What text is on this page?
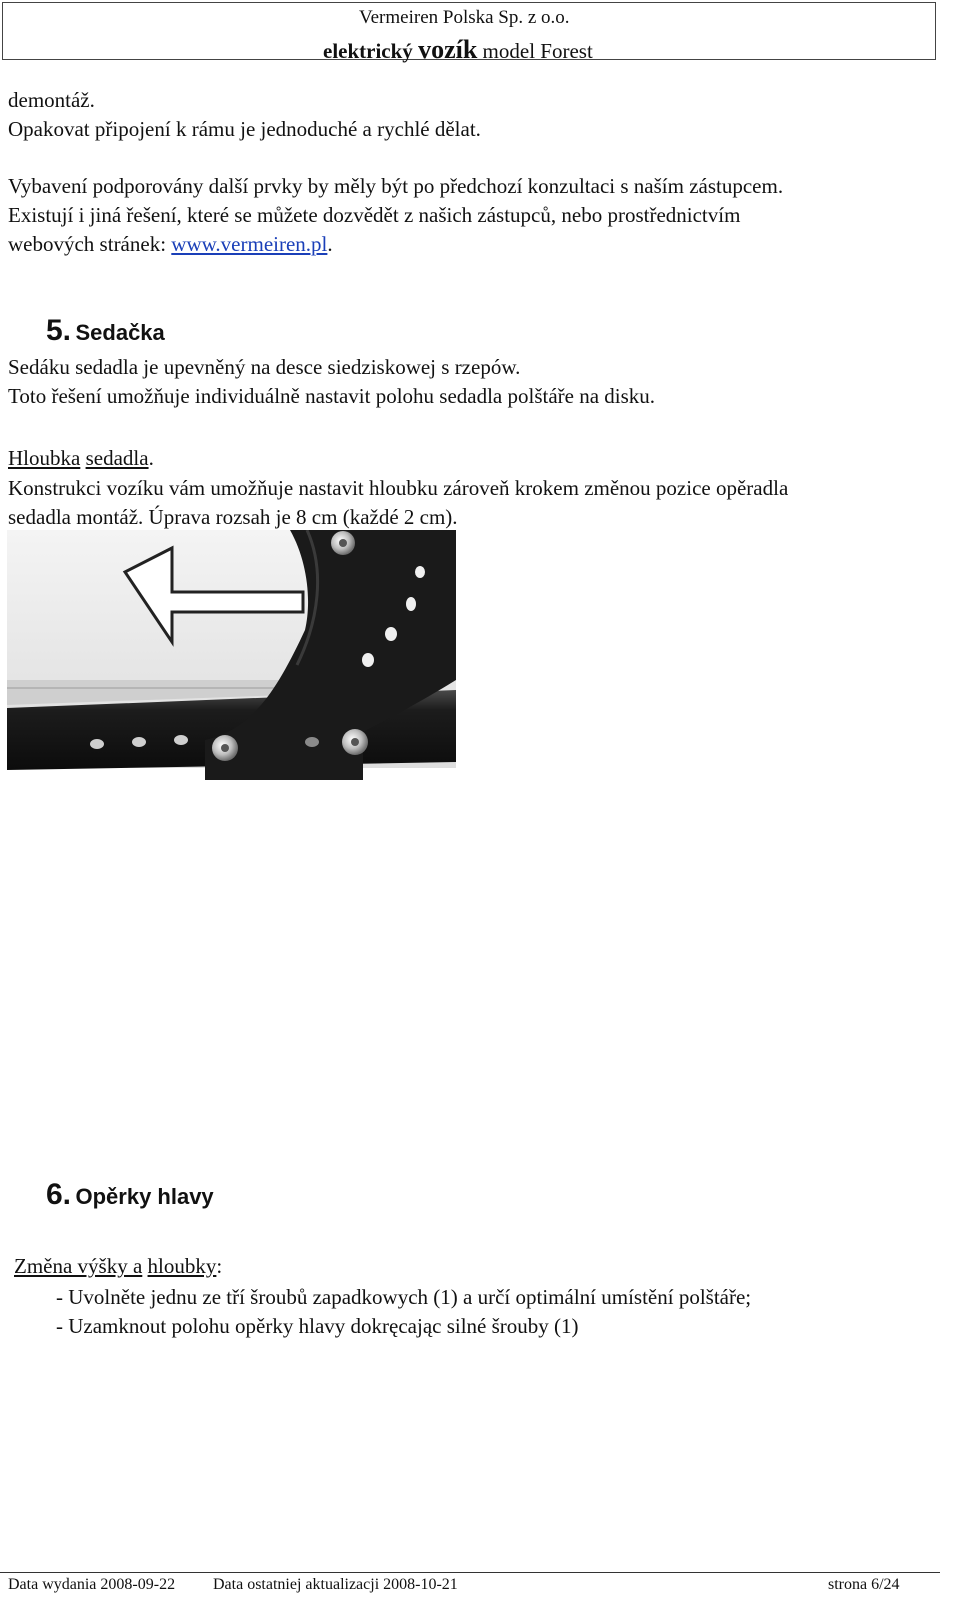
Vermeiren Polska Sp. z o.o.
elektrický vozík model Forest
demontáž.
Opakovat připojení k rámu je jednoduché a rychlé dělat.
Vybavení podporovány další prvky by měly být po předchozí konzultaci s naším zástupcem.
Existují i jiná řešení, které se můžete dozvědět z našich zástupců, nebo prostřednictvím
webových stránek: www.vermeiren.pl.
5. Sedačka
Sedáku sedadla je upevněný na desce siedziskowej s rzepów.
Toto řešení umožňuje individuálně nastavit polohu sedadla polštáře na disku.
Hloubka sedadla.
Konstrukci vozíku vám umožňuje nastavit hloubku zároveň krokem změnou pozice opěradla
sedadla montáž. Úprava rozsah je 8 cm (každé 2 cm).
6. Opěrky hlavy
Změna výšky a hloubky:
- Uvolněte jednu ze tří šroubů zapadkowych (1) a určí optimální umístění polštáře;
- Uzamknout polohu opěrky hlavy dokręcając silné šrouby (1)
Data wydania 2008-09-22 Data ostatniej aktualizacji 2008-10-21	strona 6/24
